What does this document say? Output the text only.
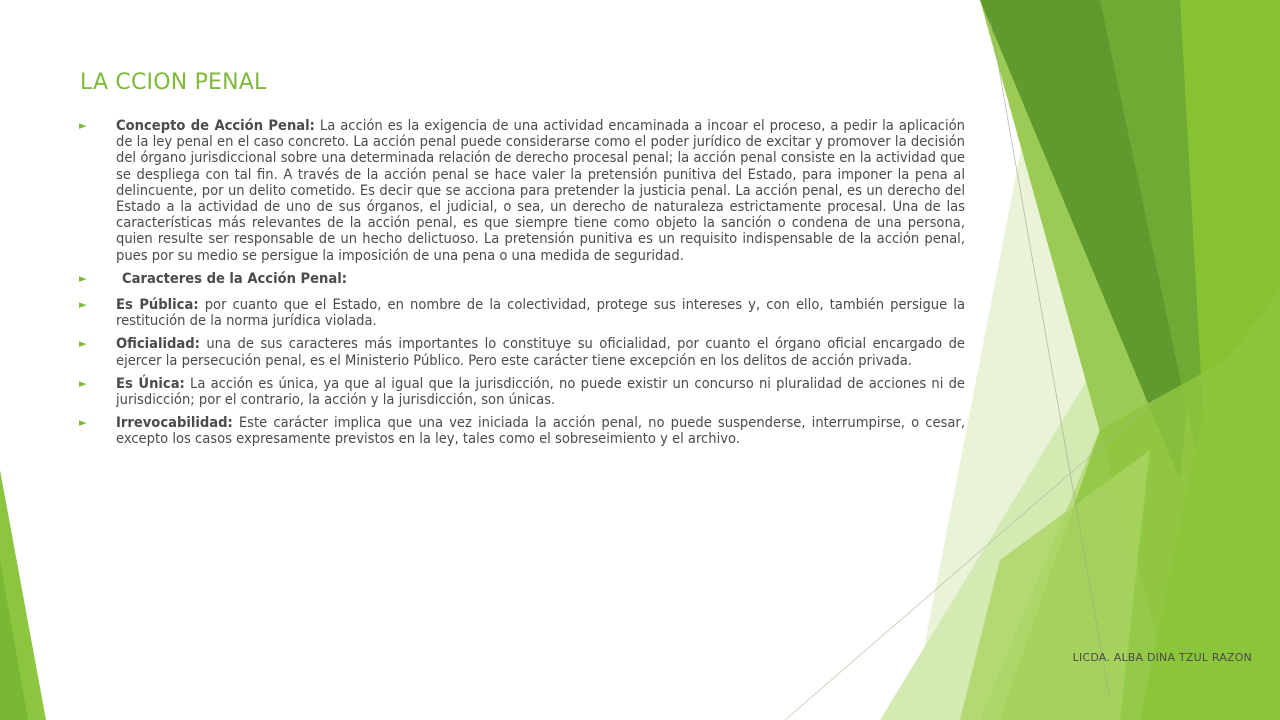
LA CCION PENAL
► Concepto de Acción Penal: La acción es la exigencia de una actividad encaminada a incoar el proceso, a pedir la aplicación de la ley penal en el caso concreto. La acción penal puede considerarse como el poder jurídico de excitar y promover la decisión del órgano jurisdiccional sobre una determinada relación de derecho procesal penal; la acción penal consiste en la actividad que se despliega con tal fin. A través de la acción penal se hace valer la pretensión punitiva del Estado, para imponer la pena al delincuente, por un delito cometido. Es decir que se acciona para pretender la justicia penal. La acción penal, es un derecho del Estado a la actividad de uno de sus órganos, el judicial, o sea, un derecho de naturaleza estrictamente procesal. Una de las características más relevantes de la acción penal, es que siempre tiene como objeto la sanción o condena de una persona, quien resulte ser responsable de un hecho delictuoso. La pretensión punitiva es un requisito indispensable de la acción penal, pues por su medio se persigue la imposición de una pena o una medida de seguridad.
► Caracteres de la Acción Penal:
► Es Pública: por cuanto que el Estado, en nombre de la colectividad, protege sus intereses y, con ello, también persigue la restitución de la norma jurídica violada.
► Oficialidad: una de sus caracteres más importantes lo constituye su oficialidad, por cuanto el órgano oficial encargado de ejercer la persecución penal, es el Ministerio Público. Pero este carácter tiene excepción en los delitos de acción privada.
► Es Única: La acción es única, ya que al igual que la jurisdicción, no puede existir un concurso ni pluralidad de acciones ni de jurisdicción; por el contrario, la acción y la jurisdicción, son únicas.
► Irrevocabilidad: Este carácter implica que una vez iniciada la acción penal, no puede suspenderse, interrumpirse, o cesar, excepto los casos expresamente previstos en la ley, tales como el sobreseimiento y el archivo.
LICDA. ALBA DINA TZUL RAZON
